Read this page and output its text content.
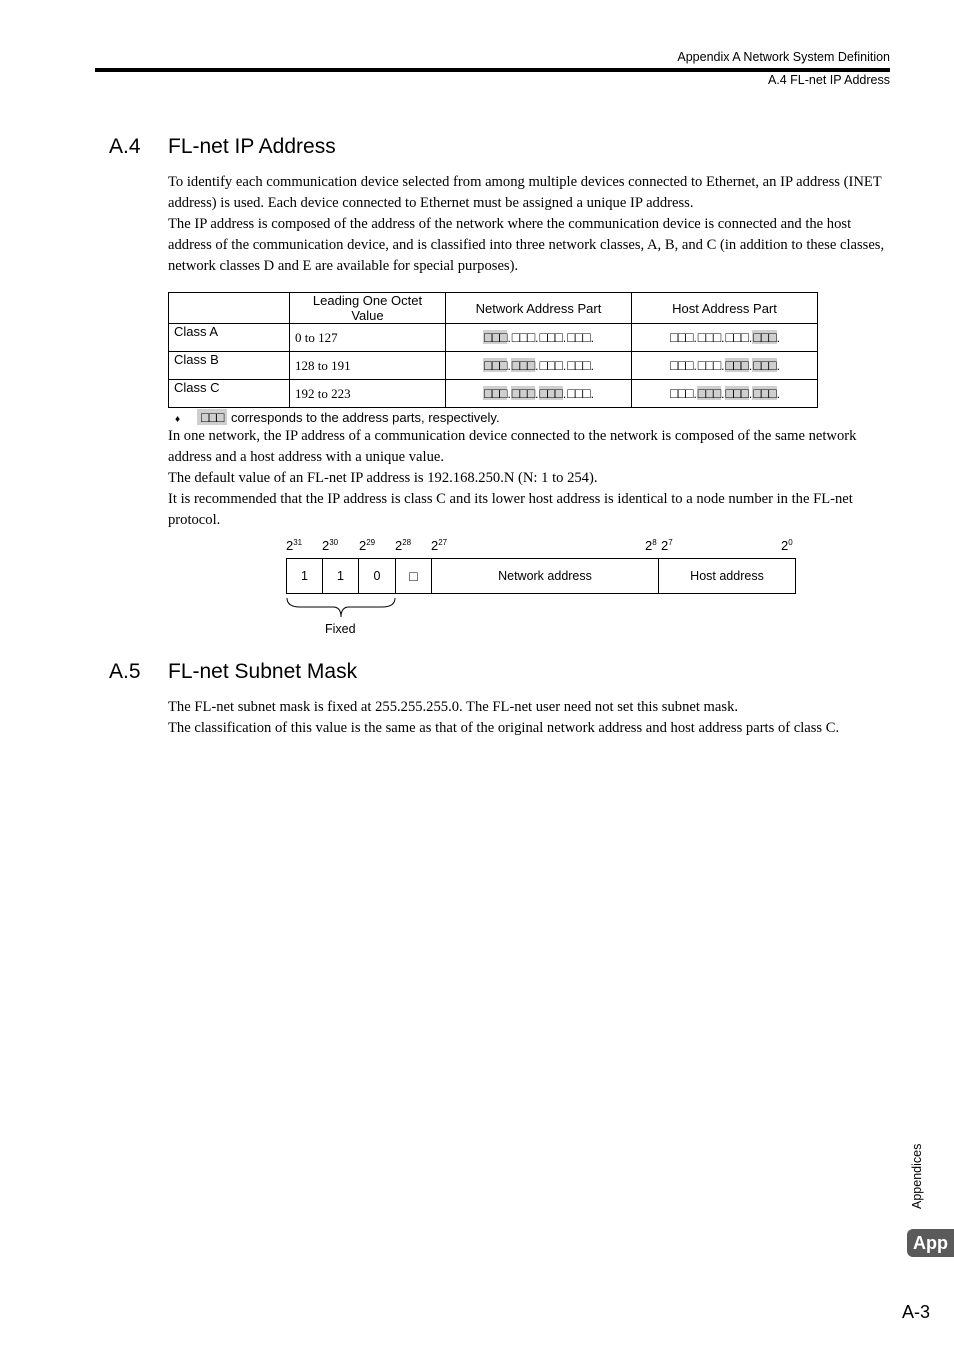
Appendix A Network System Definition
A.4 FL-net IP Address
A.4 FL-net IP Address

To identify each communication device selected from among multiple devices connected to Ethernet, an IP address (INET address) is used. Each device connected to Ethernet must be assigned a unique IP address.

The IP address is composed of the address of the network where the communication device is connected and the host address of the communication device, and is classified into three network classes, A, B, and C (in addition to these classes, network classes D and E are available for special purposes).

	Leading One Octet Value	Network Address Part	Host Address Part
Class A	0 to 127	□□□.□□□.□□□.□□□.	□□□.□□□.□□□.□□□.
Class B	128 to 191	□□□.□□□.□□□.□□□.	□□□.□□□.□□□.□□□.
Class C	192 to 223	□□□.□□□.□□□.□□□.	□□□.□□□.□□□.□□□.
♦ □□□ corresponds to the address parts, respectively.

In one network, the IP address of a communication device connected to the network is composed of the same network address and a host address with a unique value.

The default value of an FL-net IP address is 192.168.250.N (N: 1 to 254).

It is recommended that the IP address is class C and its lower host address is identical to a node number in the FL-net protocol.

$2^{31}$ $2^{30}$ $2^{29}$ $2^{28}$ $2^{27}$	$2^8$ $2^7$	$2^0$
1	1	0	□	Network address	Host address
Fixed
A.5 FL-net Subnet Mask

The FL-net subnet mask is fixed at 255.255.255.0. The FL-net user need not set this subnet mask.

The classification of this value is the same as that of the original network address and host address parts of class C.

Appendices
App
A-3
